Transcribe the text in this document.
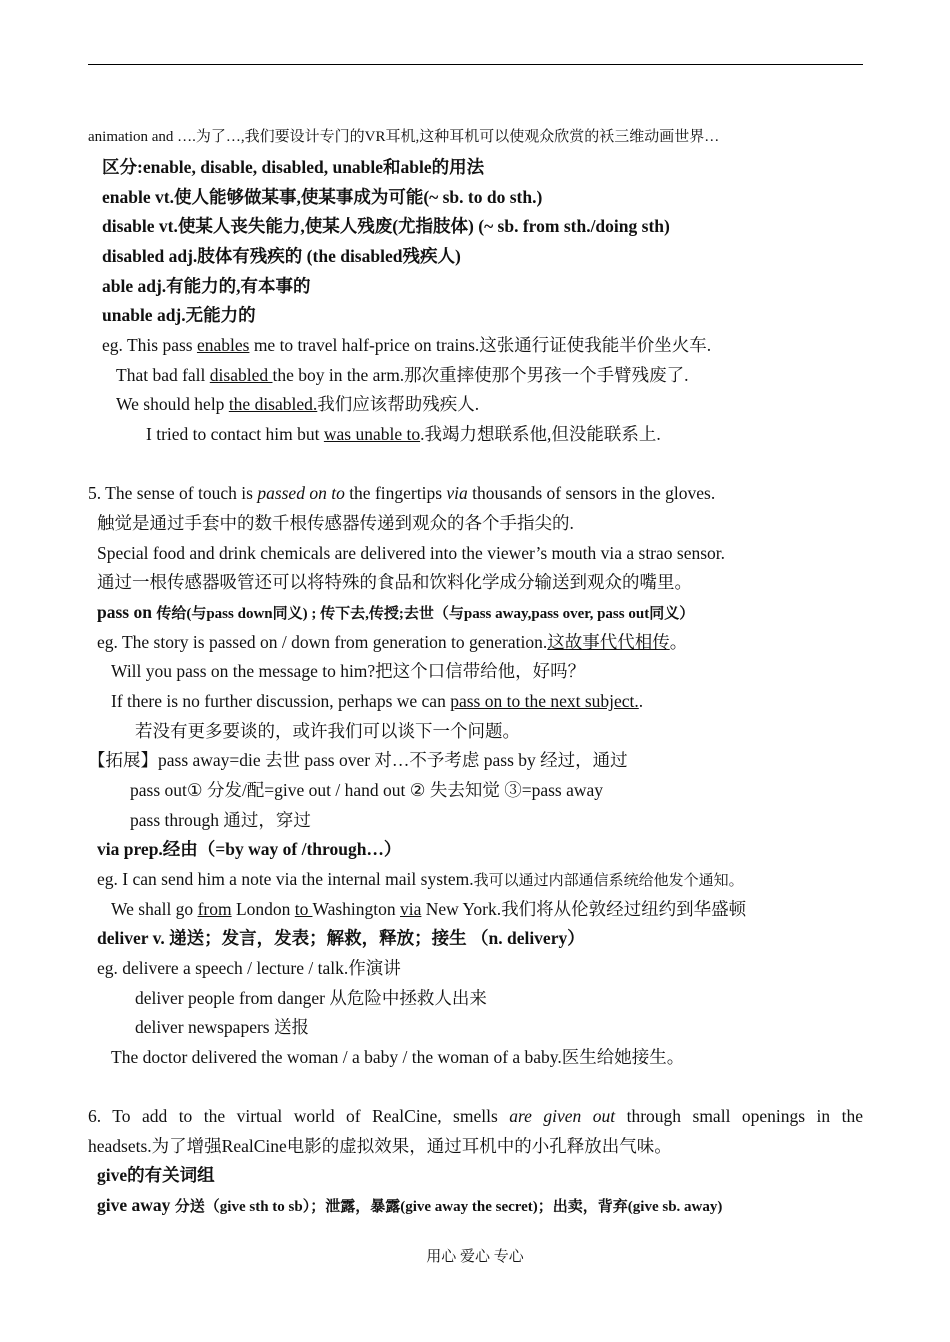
animation and ….为了…,我们要设计专门的VR耳机,这种耳机可以使观众欣赏的袄三维动画世界…
区分:enable, disable, disabled, unable和able的用法
enable vt.使人能够做某事,使某事成为可能(~ sb. to do sth.)
disable vt.使某人丧失能力,使某人残废(尤指肢体) (~ sb. from sth./doing sth)
disabled adj.肢体有残疾的 (the disabled残疾人)
able adj.有能力的,有本事的
unable adj.无能力的
eg. This pass enables me to travel half-price on trains.这张通行证使我能半价坐火车.
That bad fall disabled the boy in the arm.那次重摔使那个男孩一个手臂残废了.
We should help the disabled.我们应该帮助残疾人.
I tried to contact him but was unable to.我竭力想联系他,但没能联系上.
5. The sense of touch is passed on to the fingertips via thousands of sensors in the gloves.
触觉是通过手套中的数千根传感器传递到观众的各个手指尖的.
Special food and drink chemicals are delivered into the viewer’s mouth via a strao sensor.
通过一根传感器吸管还可以将特殊的食品和饮料化学成分输送到观众的嘴里。
pass on 传给(与pass down同义) ; 传下去,传授;去世（与pass away,pass over, pass out同义）
eg. The story is passed on / down from generation to generation.这故事代代相传。
Will you pass on the message to him?把这个口信带给他，好吗？
If there is no further discussion, perhaps we can pass on to the next subject..
若没有更多要谈的，或许我们可以谈下一个问题。
【拓展】pass away=die 去世 pass over 对…不予考虑 pass by 经过，通过
pass out① 分发/配=give out / hand out ② 失去知觉 ③=pass away
pass through 通过，穿过
via prep.经由（=by way of /through…）
eg. I can send him a note via the internal mail system.我可以通过内部通信系统给他发个通知。
We shall go from London to Washington via New York.我们将从伦敦经过纽约到华盛顿
deliver v. 递送；发言，发表；解救，释放；接生 （n. delivery）
eg. delivere a speech / lecture / talk.作演讲
deliver people from danger 从危险中拯救人出来
deliver newspapers 送报
The doctor delivered the woman / a baby / the woman of a baby.医生给她接生。
6. To add to the virtual world of RealCine, smells are given out through small openings in the
headsets.为了增强RealCine电影的虚拟效果，通过耳机中的小孔释放出气味。
give的有关词组
give away 分送（give sth to sb）；泄露，暴露(give away the secret)；出卖，背弃(give sb. away)
用心 爱心 专心
